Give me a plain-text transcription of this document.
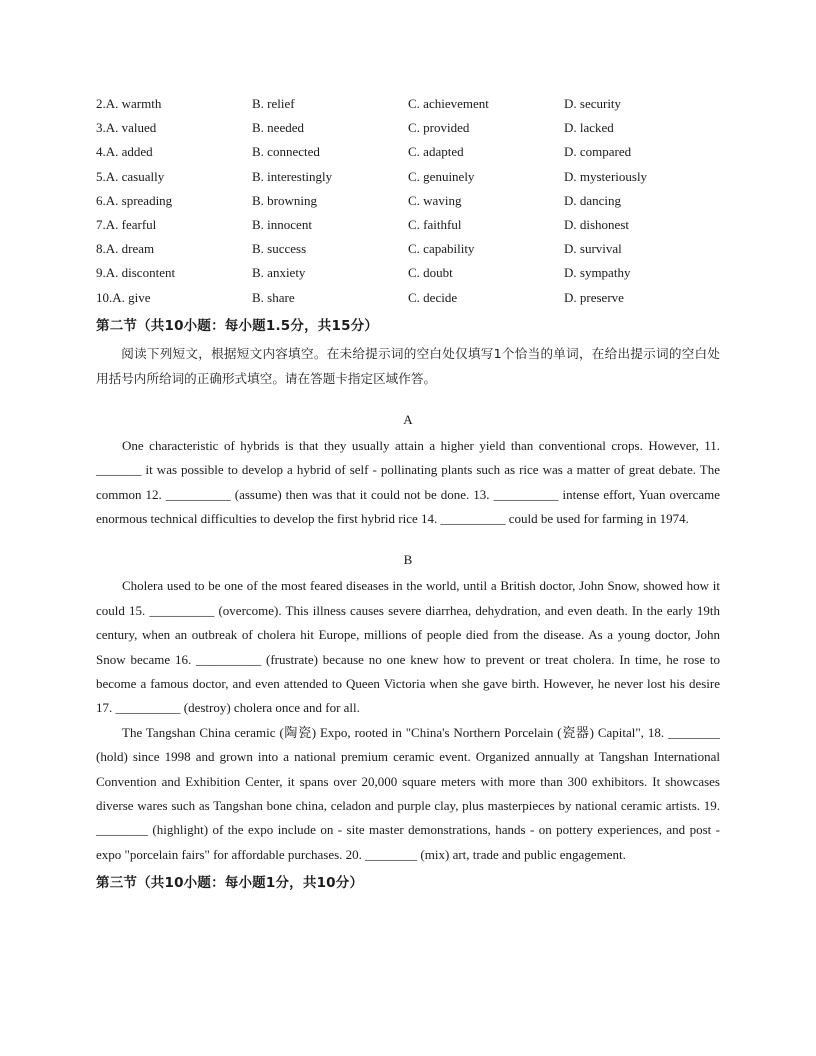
2.A. warmth	B. relief	C. achievement	D. security
3.A. valued	B. needed	C. provided	D. lacked
4.A. added	B. connected	C. adapted	D. compared
5.A. casually	B. interestingly	C. genuinely	D. mysteriously
6.A. spreading	B. browning	C. waving	D. dancing
7.A. fearful	B. innocent	C. faithful	D. dishonest
8.A. dream	B. success	C. capability	D. survival
9.A. discontent	B. anxiety	C. doubt	D. sympathy
10.A. give	B. share	C. decide	D. preserve
第二节（共10小题：每小题1.5分，共15分）

阅读下列短文，根据短文内容填空。在未给提示词的空白处仅填写1个恰当的单词，在给出提示词的空白处用括号内所给词的正确形式填空。请在答题卡指定区域作答。

A

One characteristic of hybrids is that they usually attain a higher yield than conventional crops. However, 11. _______ it was possible to develop a hybrid of self - pollinating plants such as rice was a matter of great debate. The common 12. __________ (assume) then was that it could not be done. 13. __________ intense effort, Yuan overcame enormous technical difficulties to develop the first hybrid rice 14. __________ could be used for farming in 1974.

B

Cholera used to be one of the most feared diseases in the world, until a British doctor, John Snow, showed how it could 15. __________ (overcome). This illness causes severe diarrhea, dehydration, and even death. In the early 19th century, when an outbreak of cholera hit Europe, millions of people died from the disease. As a young doctor, John Snow became 16. __________ (frustrate) because no one knew how to prevent or treat cholera. In time, he rose to become a famous doctor, and even attended to Queen Victoria when she gave birth. However, he never lost his desire 17. __________ (destroy) cholera once and for all.

The Tangshan China ceramic (陶瓷) Expo, rooted in "China's Northern Porcelain (瓷器) Capital", 18. ________ (hold) since 1998 and grown into a national premium ceramic event. Organized annually at Tangshan International Convention and Exhibition Center, it spans over 20,000 square meters with more than 300 exhibitors. It showcases diverse wares such as Tangshan bone china, celadon and purple clay, plus masterpieces by national ceramic artists. 19. ________ (highlight) of the expo include on - site master demonstrations, hands - on pottery experiences, and post - expo "porcelain fairs" for affordable purchases. 20. ________ (mix) art, trade and public engagement.

第三节（共10小题：每小题1分，共10分）
